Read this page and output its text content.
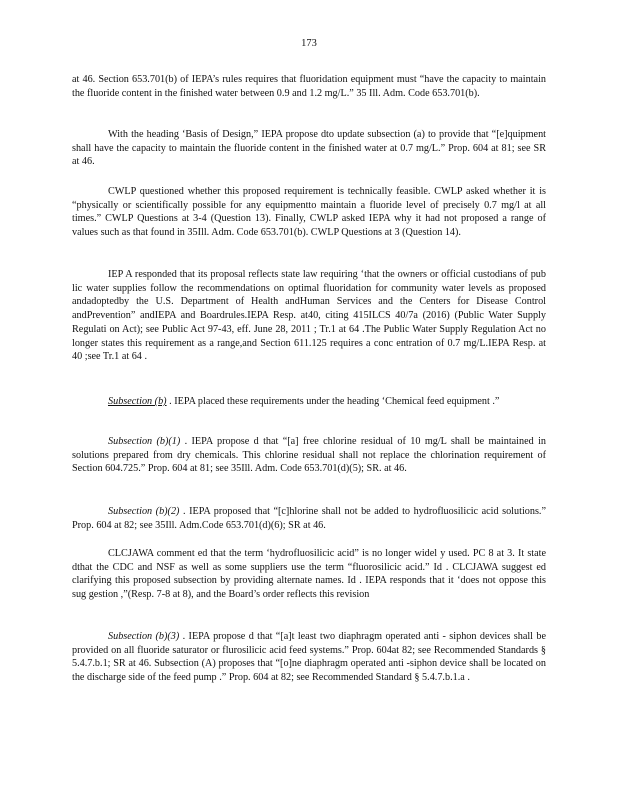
173

at 46. Section 653.701(b) of IEPA’s rules requires that fluoridation equipment must “have the capacity to maintain the fluoride content in the finished water between 0.9 and 1.2 mg/L.” 35 Ill. Adm. Code 653.701(b).

With the heading ‘Basis of Design,” IEPA propose dto update subsection (a) to provide that “[e]quipment shall have the capacity to maintain the fluoride content in the finished water at 0.7 mg/L.” Prop. 604 at 81; see SR at 46.

CWLP questioned whether this proposed requirement is technically feasible. CWLP asked whether it is “physically or scientifically possible for any equipmentto maintain a fluoride level of precisely 0.7 mg/l at all times.” CWLP Questions at 3-4 (Question 13). Finally, CWLP asked IEPA why it had not proposed a range of values such as that found in 35Ill. Adm. Code 653.701(b). CWLP Questions at 3 (Question 14).

IEP A responded that its proposal reflects state law requiring ‘that the owners or official custodians of pub lic water supplies follow the recommendations on optimal fluoridation for community water levels as proposed andadoptedby the U.S. Department of Health andHuman Services and the Centers for Disease Control andPrevention” andIEPA and Boardrules.IEPA Resp. at40, citing 415ILCS 40/7a (2016) (Public Water Supply Regulati on Act); see Public Act 97-43, eff. June 28, 2011 ; Tr.1 at 64 .The Public Water Supply Regulation Act no longer states this requirement as a range,and Section 611.125 requires a conc entration of 0.7 mg/L.IEPA Resp. at 40 ;see Tr.1 at 64 .

Subsection (b) . IEPA placed these requirements under the heading ‘Chemical feed equipment .”

Subsection (b)(1) . IEPA propose d that “[a] free chlorine residual of 10 mg/L shall be maintained in solutions prepared from dry chemicals. This chlorine residual shall not replace the chlorination requirement of Section 604.725.” Prop. 604 at 81; see 35Ill. Adm. Code 653.701(d)(5); SR. at 46.

Subsection (b)(2) . IEPA proposed that “[c]hlorine shall not be added to hydrofluosilicic acid solutions.” Prop. 604 at 82; see 35Ill. Adm.Code 653.701(d)(6); SR at 46.

CLCJAWA comment ed that the term ‘hydrofluosilicic acid” is no longer widel y used. PC 8 at 3. It state dthat the CDC and NSF as well as some suppliers use the term “fluorosilicic acid.” Id . CLCJAWA suggest ed clarifying this proposed subsection by providing alternate names. Id . IEPA responds that it ‘does not oppose this sug gestion ,”(Resp. 7-8 at 8), and the Board’s order reflects this revision

Subsection (b)(3) . IEPA propose d that “[a]t least two diaphragm operated anti - siphon devices shall be provided on all fluoride saturator or flurosilicic acid feed systems.” Prop. 604at 82; see Recommended Standards § 5.4.7.b.1; SR at 46. Subsection (A) proposes that “[o]ne diaphragm operated anti -siphon device shall be located on the discharge side of the feed pump .” Prop. 604 at 82; see Recommended Standard § 5.4.7.b.1.a .
